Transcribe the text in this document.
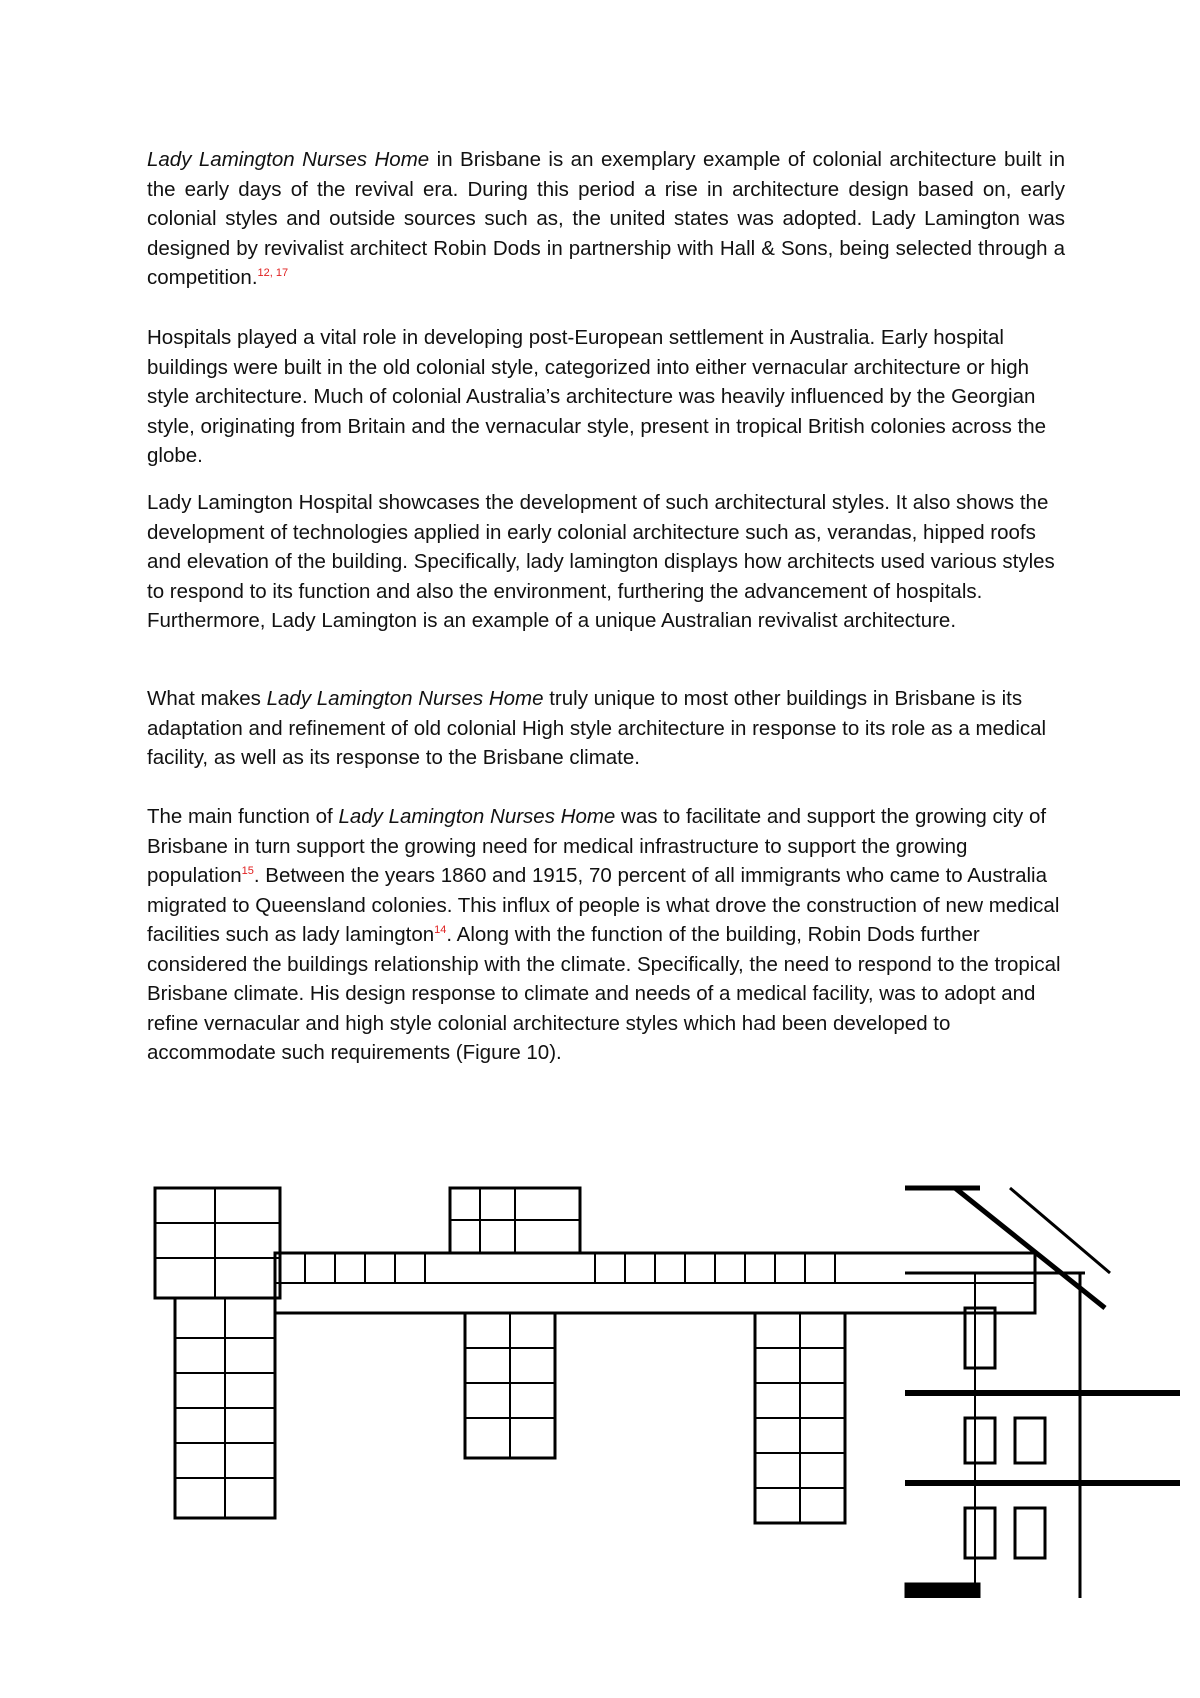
Lady Lamington Nurses Home in Brisbane is an exemplary example of colonial architecture built in the early days of the revival era. During this period a rise in architecture design based on, early colonial styles and outside sources such as, the united states was adopted. Lady Lamington was designed by revivalist architect Robin Dods in partnership with Hall & Sons, being selected through a competition.$^{12, 17}$

Hospitals played a vital role in developing post-European settlement in Australia. Early hospital buildings were built in the old colonial style, categorized into either vernacular architecture or high style architecture. Much of colonial Australia’s architecture was heavily influenced by the Georgian style, originating from Britain and the vernacular style, present in tropical British colonies across the globe.

Lady Lamington Hospital showcases the development of such architectural styles. It also shows the development of technologies applied in early colonial architecture such as, verandas, hipped roofs and elevation of the building. Specifically, lady lamington displays how architects used various styles to respond to its function and also the environment, furthering the advancement of hospitals. Furthermore, Lady Lamington is an example of a unique Australian revivalist architecture.

What makes Lady Lamington Nurses Home truly unique to most other buildings in Brisbane is its adaptation and refinement of old colonial High style architecture in response to its role as a medical facility, as well as its response to the Brisbane climate.

The main function of Lady Lamington Nurses Home was to facilitate and support the growing city of Brisbane in turn support the growing need for medical infrastructure to support the growing population$^{15}$. Between the years 1860 and 1915, 70 percent of all immigrants who came to Australia migrated to Queensland colonies. This influx of people is what drove the construction of new medical facilities such as lady lamington$^{14}$. Along with the function of the building, Robin Dods further considered the buildings relationship with the climate. Specifically, the need to respond to the tropical Brisbane climate. His design response to climate and needs of a medical facility, was to adopt and refine vernacular and high style colonial architecture styles which had been developed to accommodate such requirements (Figure 10).
